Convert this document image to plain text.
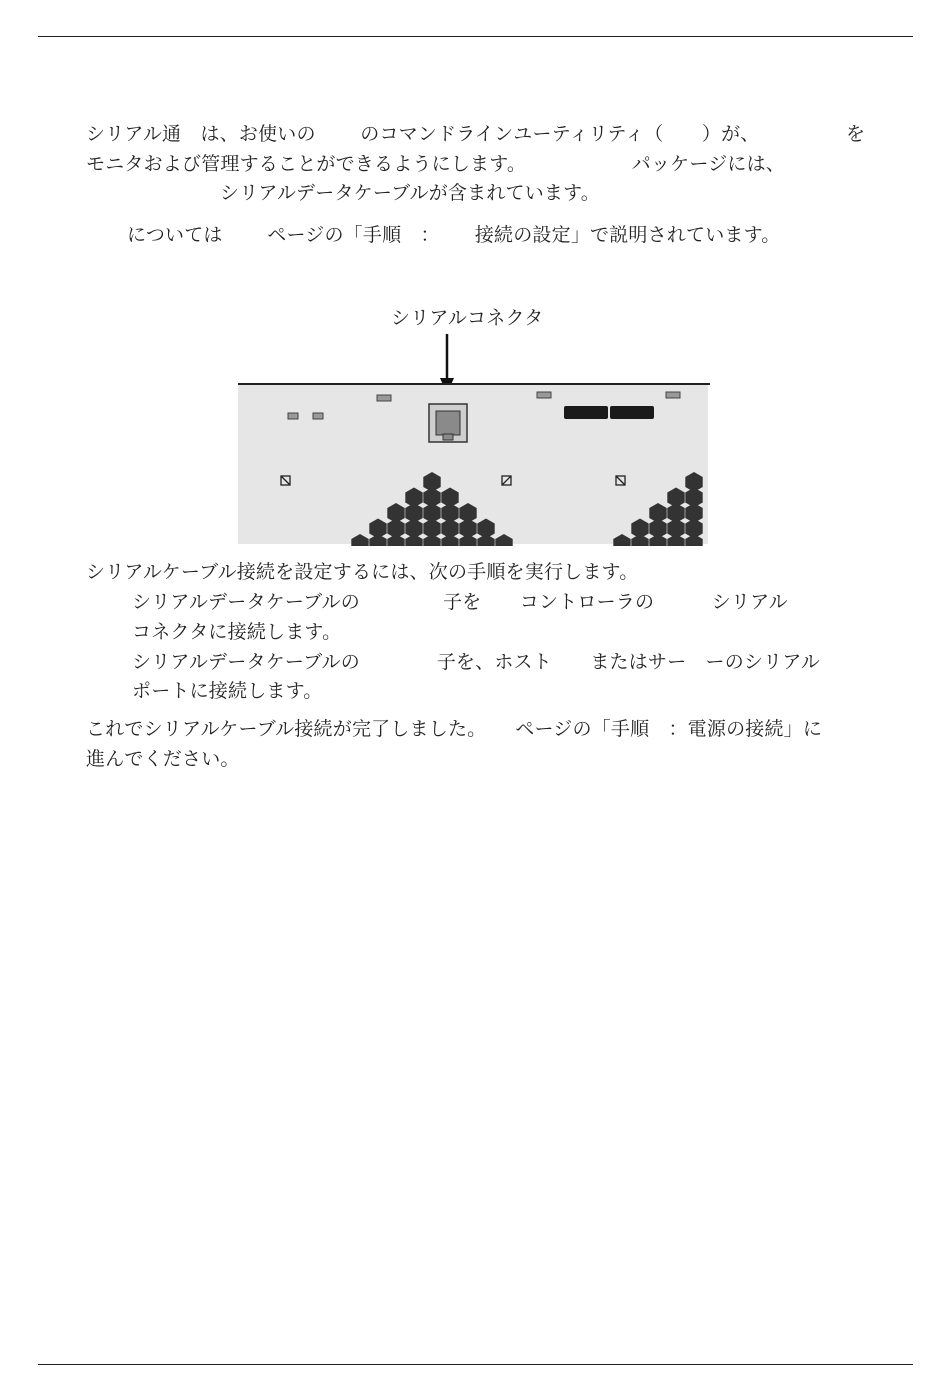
シリアル通　は、お使いの　　 のコマンドラインユーティリティ（　　）が、　　　　　を
モニタおよび管理することができるようにします。　　　　　　パッケージには、
シリアルデータケーブルが含まれています。
については　　 ページの「手順　：　　 接続の設定」で説明されています。
シリアルコネクタ
シリアルケーブル接続を設定するには、次の手順を実行します。
シリアルデータケーブルの　　　　 子を　　コントローラの　　　シリアル
コネクタに接続します。
シリアルデータケーブルの　　　　子を、ホスト　　またはサー　ーのシリアル
ポートに接続します。
これでシリアルケーブル接続が完了しました。　　ページの「手順　：電源の接続」に
進んでください。
